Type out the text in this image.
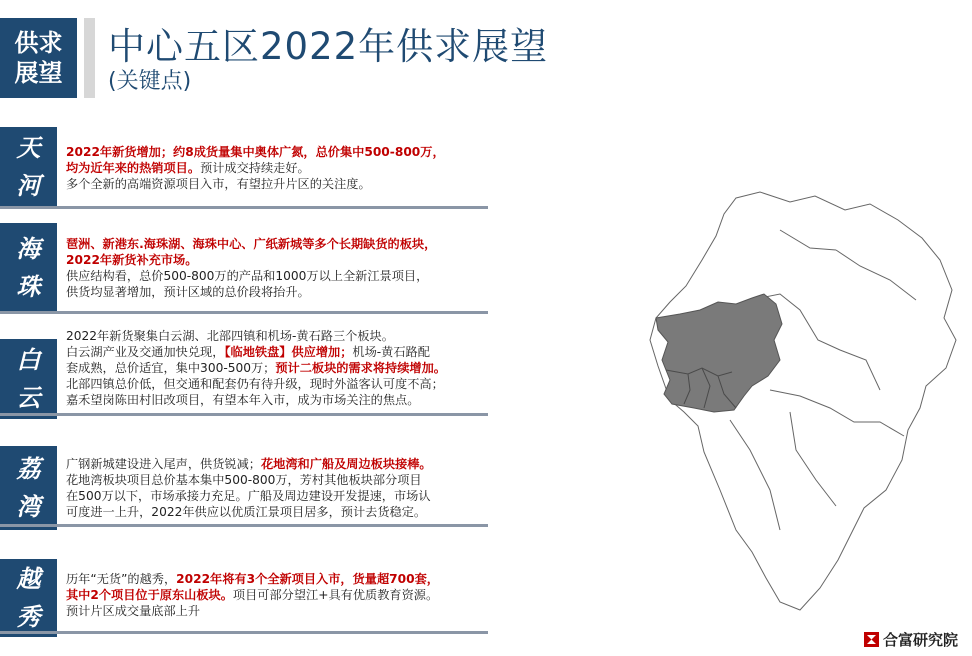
供求
展望
中心五区2022年供求展望
(关键点)
天
河
2022年新货增加；约8成货量集中奥体广氮，总价集中500-800万，
均为近年来的热销项目。预计成交持续走好。
多个全新的高端资源项目入市，有望拉升片区的关注度。
海
珠
琶洲、新港东.海珠湖、海珠中心、广纸新城等多个长期缺货的板块，
2022年新货补充市场。
供应结构看，总价500-800万的产品和1000万以上全新江景项目，
供货均显著增加，预计区域的总价段将抬升。
白
云
2022年新货聚集白云湖、北部四镇和机场-黄石路三个板块。
白云湖产业及交通加快兑现，【临地铁盘】供应增加；机场-黄石路配
套成熟，总价适宜，集中300-500万；预计二板块的需求将持续增加。
北部四镇总价低，但交通和配套仍有待升级，现时外溢客认可度不高；
嘉禾望岗陈田村旧改项目，有望本年入市，成为市场关注的焦点。
荔
湾
广钢新城建设进入尾声，供货锐减；花地湾和广船及周边板块接棒。
花地湾板块项目总价基本集中500-800万，芳村其他板块部分项目
在500万以下，市场承接力充足。广船及周边建设开发提速，市场认
可度进一上升，2022年供应以优质江景项目居多，预计去货稳定。
越
秀
历年“无货”的越秀，2022年将有3个全新项目入市，货量超700套，
其中2个项目位于原东山板块。项目可部分望江+具有优质教育资源。
预计片区成交量底部上升
合富研究院
